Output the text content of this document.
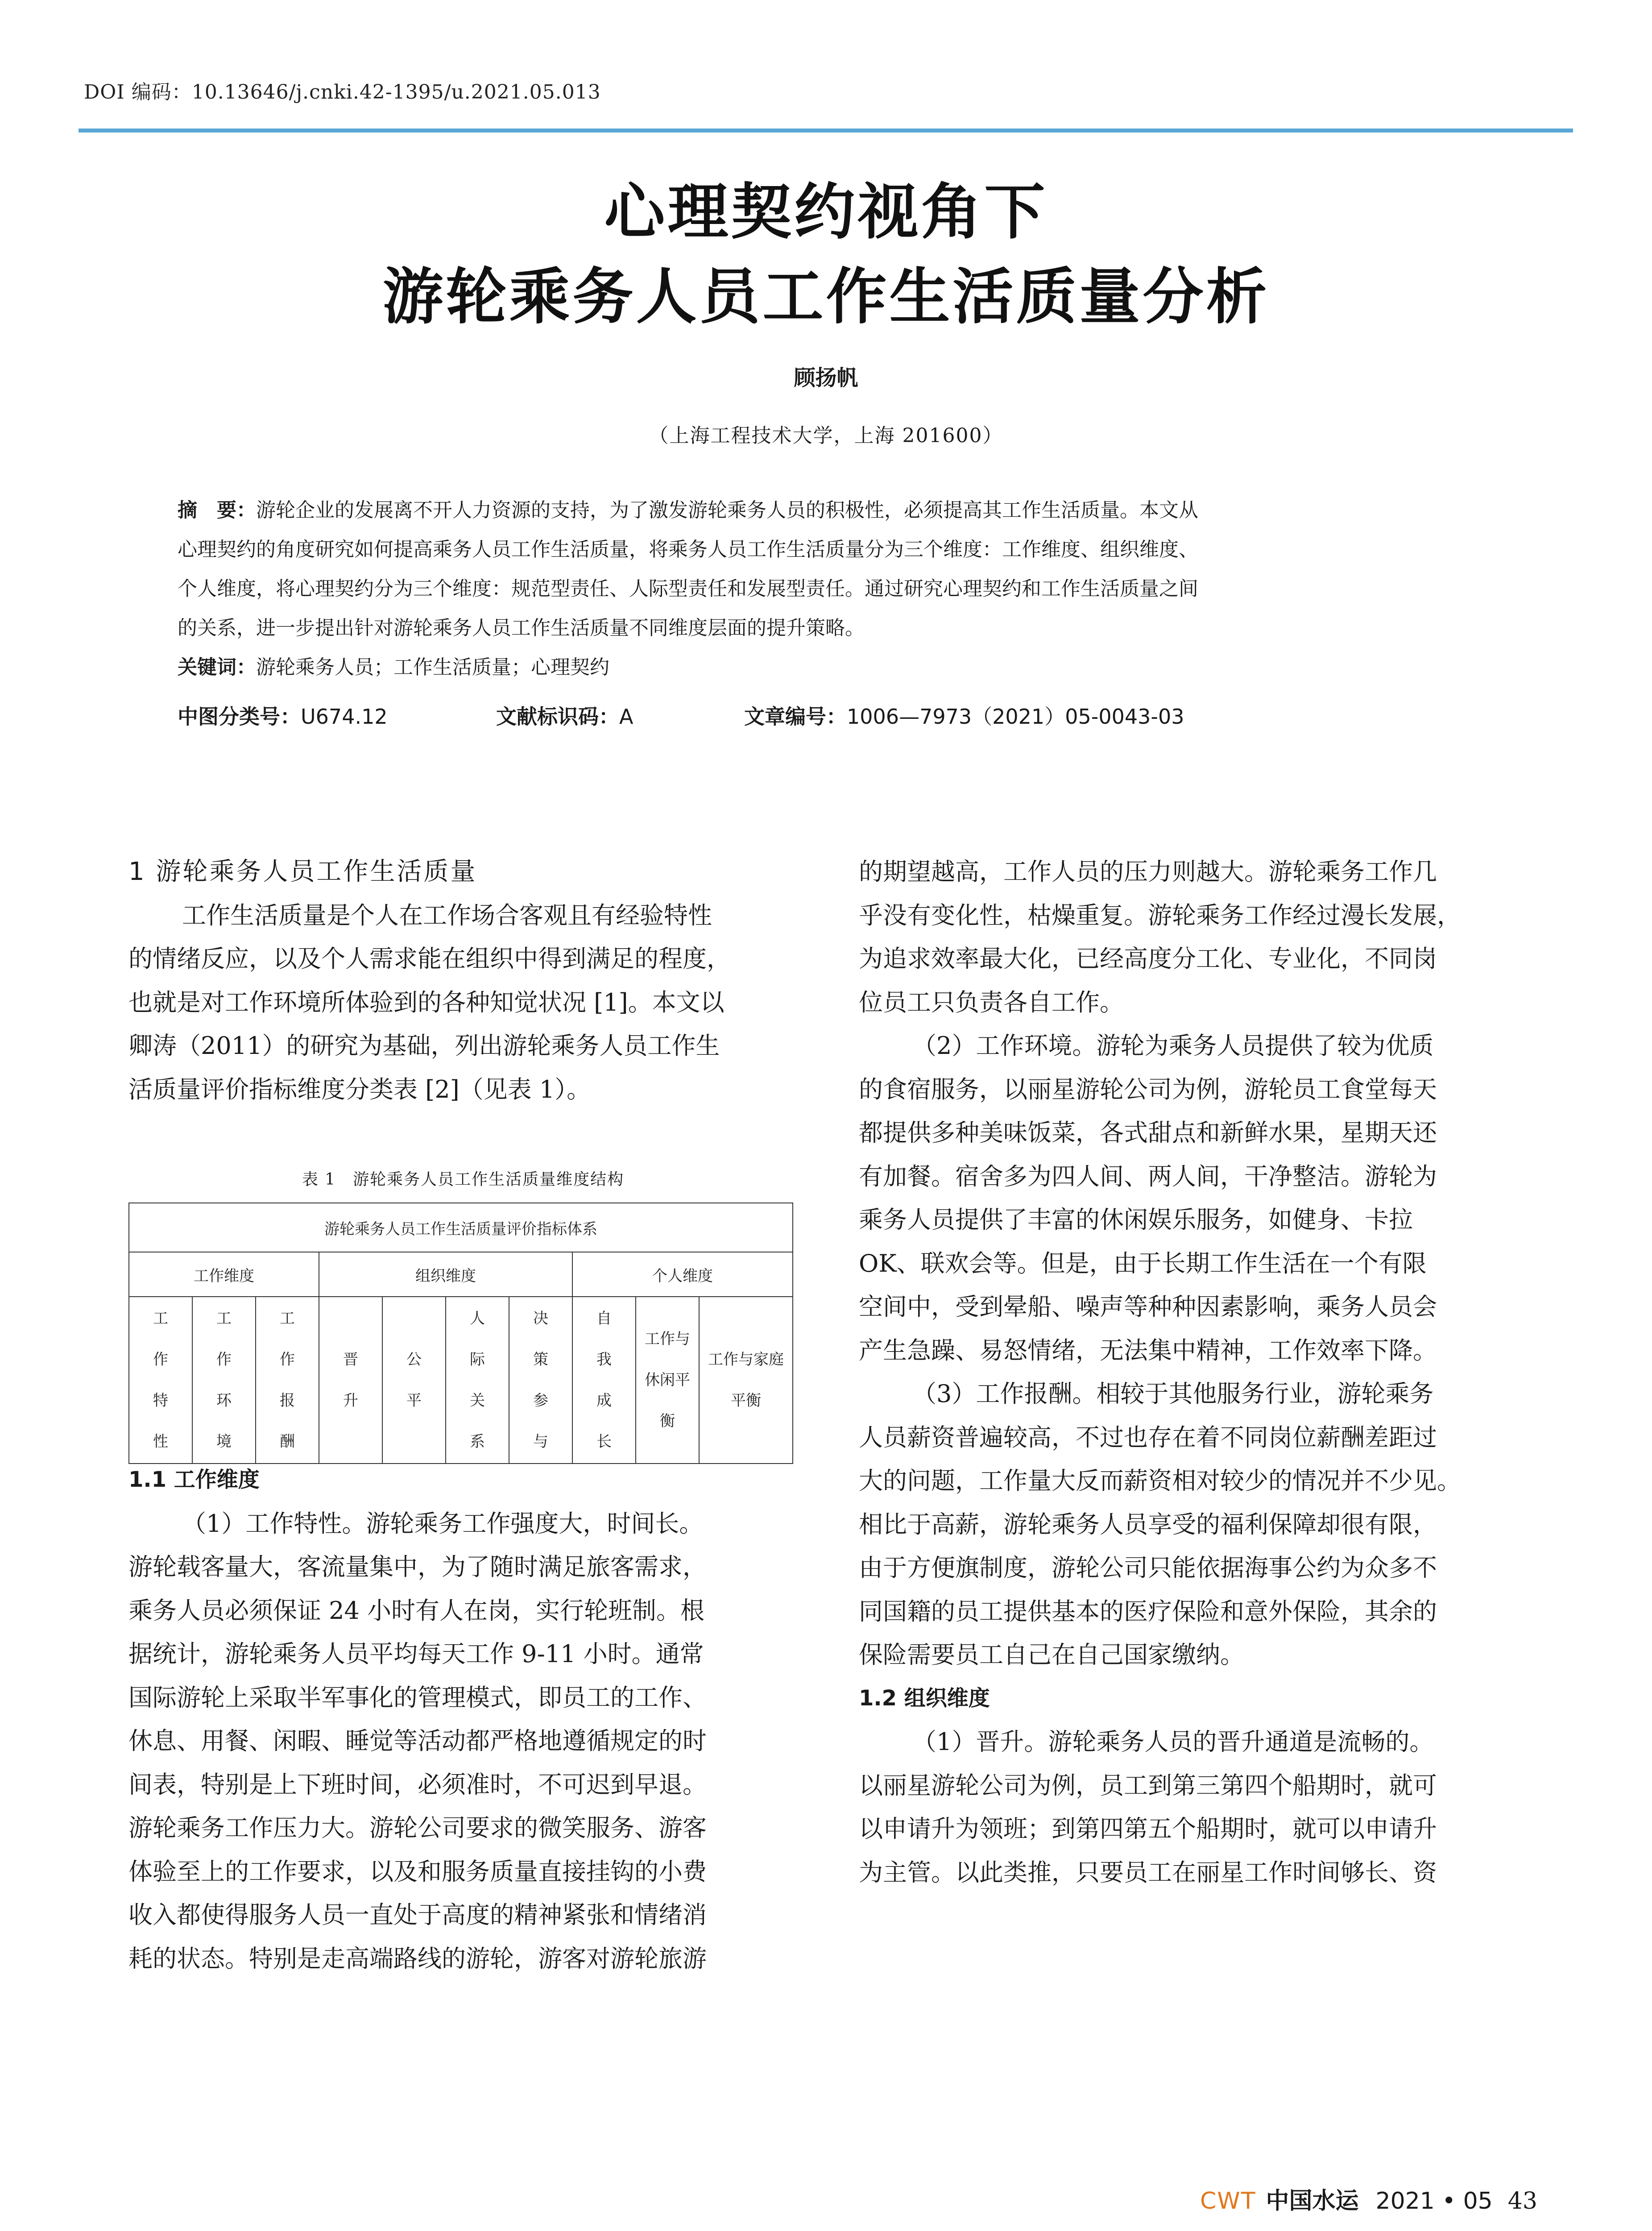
DOI 编码：10.13646/j.cnki.42-1395/u.2021.05.013
心理契约视角下
游轮乘务人员工作生活质量分析
顾扬帆
（上海工程技术大学，上海 201600）
摘　要：游轮企业的发展离不开人力资源的支持，为了激发游轮乘务人员的积极性，必须提高其工作生活质量。本文从
心理契约的角度研究如何提高乘务人员工作生活质量，将乘务人员工作生活质量分为三个维度：工作维度、组织维度、
个人维度，将心理契约分为三个维度：规范型责任、人际型责任和发展型责任。通过研究心理契约和工作生活质量之间
的关系，进一步提出针对游轮乘务人员工作生活质量不同维度层面的提升策略。
关键词：游轮乘务人员；工作生活质量；心理契约
中图分类号：U674.12	文献标识码：A	文章编号：1006—7973（2021）05-0043-03
1 游轮乘务人员工作生活质量
工作生活质量是个人在工作场合客观且有经验特性
的情绪反应，以及个人需求能在组织中得到满足的程度，
也就是对工作环境所体验到的各种知觉状况 [1]。本文以
卿涛（2011）的研究为基础，列出游轮乘务人员工作生
活质量评价指标维度分类表 [2]（见表 1）。
表 1　游轮乘务人员工作生活质量维度结构
游轮乘务人员工作生活质量评价指标体系									
工作维度			组织维度				个人维度		
工
作
特
性	工
作
环
境	工
作
报
酬	晋
升	公
平	人
际
关
系	决
策
参
与	自
我
成
长	工作与
休闲平
衡	工作与家庭
平衡
1.1 工作维度
（1）工作特性。游轮乘务工作强度大，时间长。
游轮载客量大，客流量集中，为了随时满足旅客需求，
乘务人员必须保证 24 小时有人在岗，实行轮班制。根
据统计，游轮乘务人员平均每天工作 9-11 小时。通常
国际游轮上采取半军事化的管理模式，即员工的工作、
休息、用餐、闲暇、睡觉等活动都严格地遵循规定的时
间表，特别是上下班时间，必须准时，不可迟到早退。
游轮乘务工作压力大。游轮公司要求的微笑服务、游客
体验至上的工作要求，以及和服务质量直接挂钩的小费
收入都使得服务人员一直处于高度的精神紧张和情绪消
耗的状态。特别是走高端路线的游轮，游客对游轮旅游
的期望越高，工作人员的压力则越大。游轮乘务工作几
乎没有变化性，枯燥重复。游轮乘务工作经过漫长发展，
为追求效率最大化，已经高度分工化、专业化，不同岗
位员工只负责各自工作。
（2）工作环境。游轮为乘务人员提供了较为优质
的食宿服务，以丽星游轮公司为例，游轮员工食堂每天
都提供多种美味饭菜，各式甜点和新鲜水果，星期天还
有加餐。宿舍多为四人间、两人间，干净整洁。游轮为
乘务人员提供了丰富的休闲娱乐服务，如健身、卡拉
OK、联欢会等。但是，由于长期工作生活在一个有限
空间中，受到晕船、噪声等种种因素影响，乘务人员会
产生急躁、易怒情绪，无法集中精神，工作效率下降。
（3）工作报酬。相较于其他服务行业，游轮乘务
人员薪资普遍较高，不过也存在着不同岗位薪酬差距过
大的问题，工作量大反而薪资相对较少的情况并不少见。
相比于高薪，游轮乘务人员享受的福利保障却很有限，
由于方便旗制度，游轮公司只能依据海事公约为众多不
同国籍的员工提供基本的医疗保险和意外保险，其余的
保险需要员工自己在自己国家缴纳。
1.2 组织维度
（1）晋升。游轮乘务人员的晋升通道是流畅的。
以丽星游轮公司为例，员工到第三第四个船期时，就可
以申请升为领班；到第四第五个船期时，就可以申请升
为主管。以此类推，只要员工在丽星工作时间够长、资
CWT 中国水运 2021 • 05 43
